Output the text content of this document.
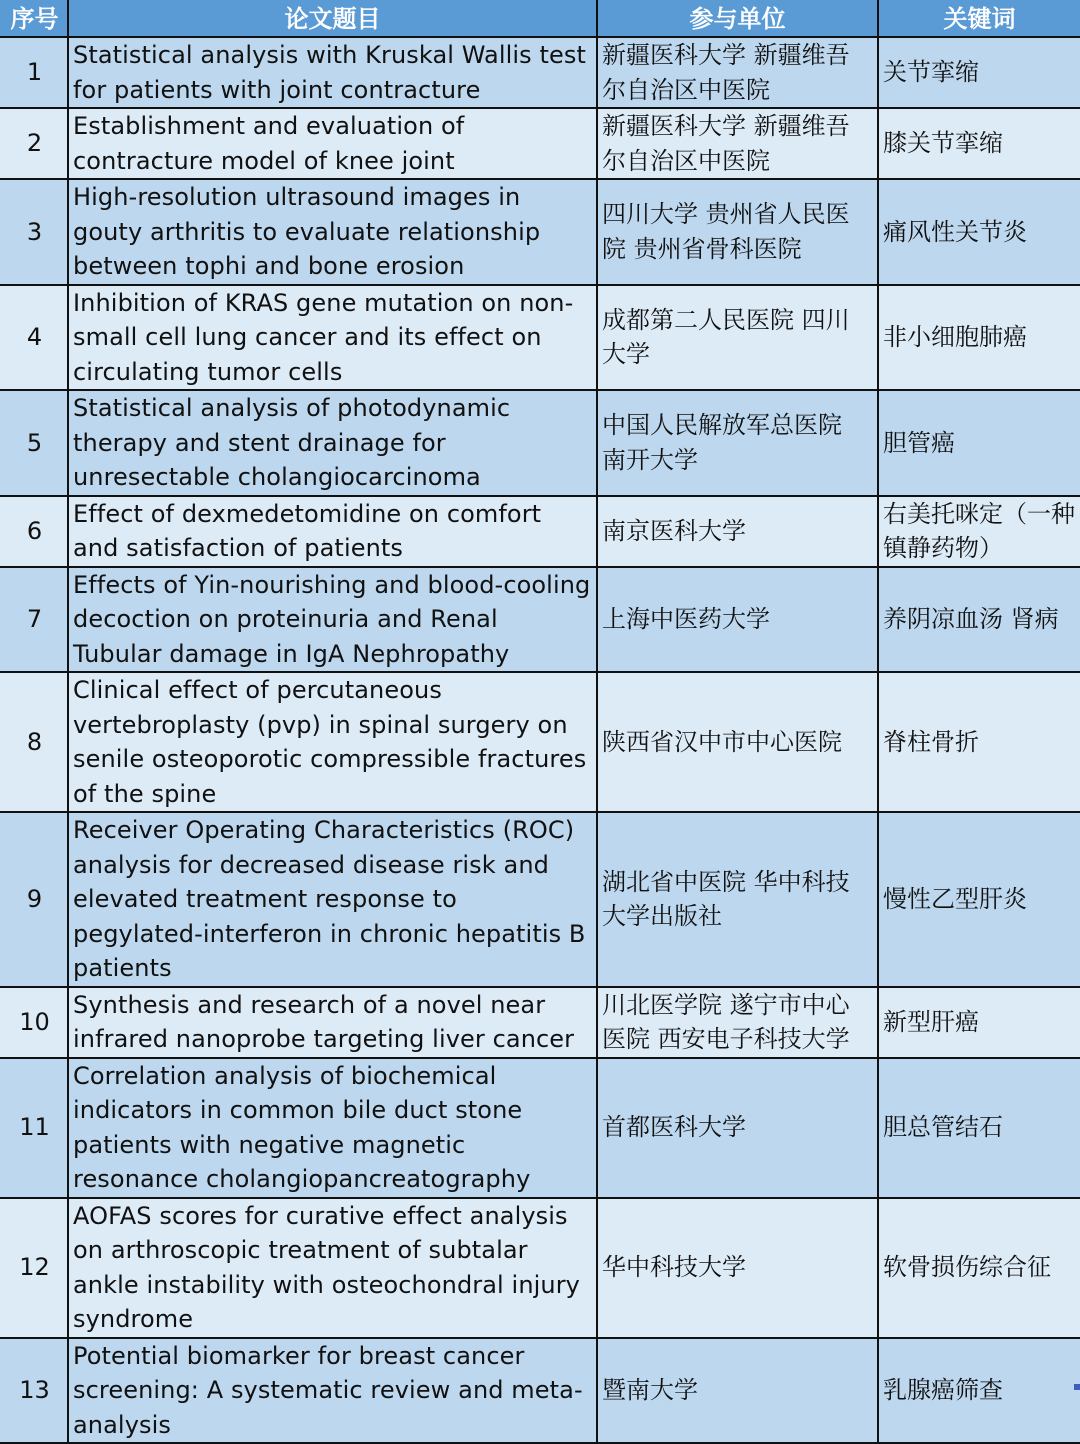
序号	论文题目	参与单位	关键词
1	Statistical analysis with Kruskal Wallis test for patients with joint contracture	新疆医科大学 新疆维吾尔自治区中医院	关节挛缩
2	Establishment and evaluation of contracture model of knee joint	新疆医科大学 新疆维吾尔自治区中医院	膝关节挛缩
3	High-resolution ultrasound images in gouty arthritis to evaluate relationship between tophi and bone erosion	四川大学 贵州省人民医院 贵州省骨科医院	痛风性关节炎
4	Inhibition of KRAS gene mutation on non-small cell lung cancer and its effect on circulating tumor cells	成都第二人民医院 四川大学	非小细胞肺癌
5	Statistical analysis of photodynamic therapy and stent drainage for unresectable cholangiocarcinoma	中国人民解放军总医院 南开大学	胆管癌
6	Effect of dexmedetomidine on comfort and satisfaction of patients	南京医科大学	右美托咪定（一种镇静药物）
7	Effects of Yin-nourishing and blood-cooling decoction on proteinuria and Renal Tubular damage in IgA Nephropathy	上海中医药大学	养阴凉血汤 肾病
8	Clinical effect of percutaneous vertebroplasty (pvp) in spinal surgery on senile osteoporotic compressible fractures of the spine	陕西省汉中市中心医院	脊柱骨折
9	Receiver Operating Characteristics (ROC) analysis for decreased disease risk and elevated treatment response to pegylated-interferon in chronic hepatitis B patients	湖北省中医院 华中科技大学出版社	慢性乙型肝炎
10	Synthesis and research of a novel near infrared nanoprobe targeting liver cancer	川北医学院 遂宁市中心医院 西安电子科技大学	新型肝癌
11	Correlation analysis of biochemical indicators in common bile duct stone patients with negative magnetic resonance cholangiopancreatography	首都医科大学	胆总管结石
12	AOFAS scores for curative effect analysis on arthroscopic treatment of subtalar ankle instability with osteochondral injury syndrome	华中科技大学	软骨损伤综合征
13	Potential biomarker for breast cancer screening: A systematic review and meta-analysis	暨南大学	乳腺癌筛查
